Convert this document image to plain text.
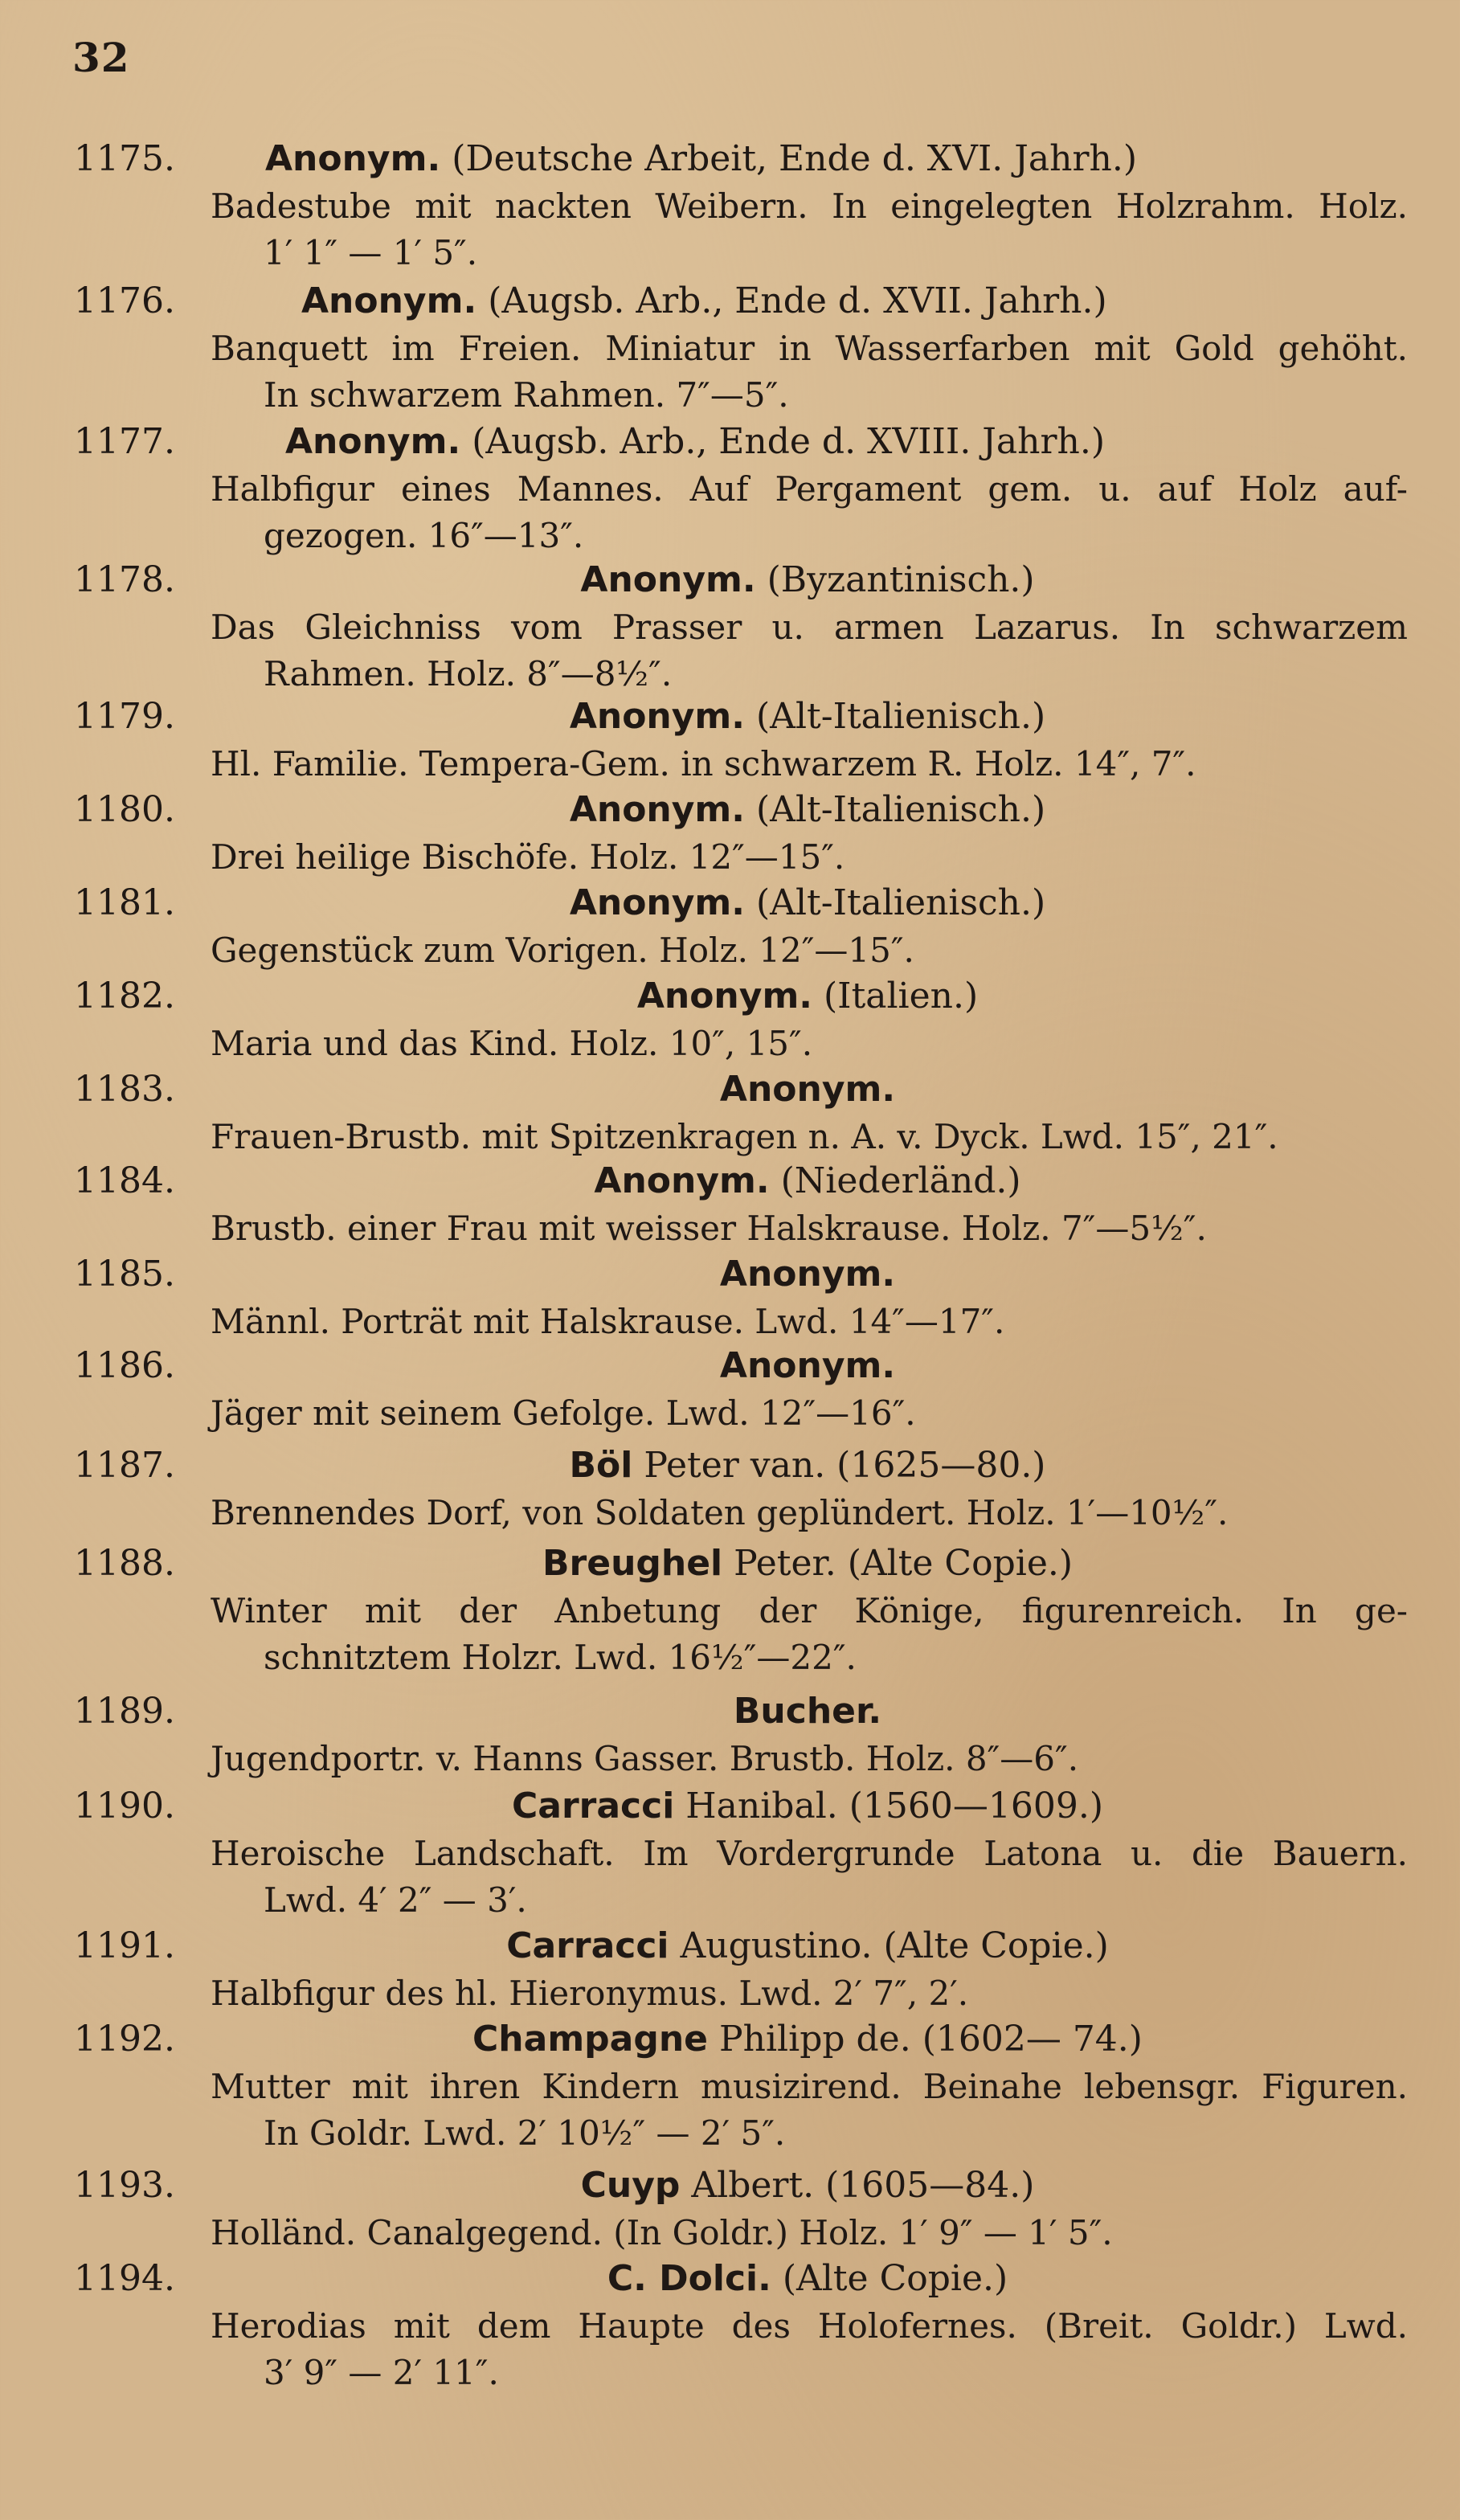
32
1175.	Anonym. (Deutsche Arbeit, Ende d. XVI. Jahrh.)
Badestube mit nackten Weibern. In eingelegten Holzrahm. Holz.
1′ 1″ — 1′ 5″.
1176.	Anonym. (Augsb. Arb., Ende d. XVII. Jahrh.)
Banquett im Freien. Miniatur in Wasserfarben mit Gold gehöht.
In schwarzem Rahmen. 7″—5″.
1177.	Anonym. (Augsb. Arb., Ende d. XVIII. Jahrh.)
Halbfigur eines Mannes. Auf Pergament gem. u. auf Holz auf-
gezogen. 16″—13″.
1178.	Anonym. (Byzantinisch.)
Das Gleichniss vom Prasser u. armen Lazarus. In schwarzem
Rahmen. Holz. 8″—8½″.
1179.	Anonym. (Alt-Italienisch.)
Hl. Familie. Tempera-Gem. in schwarzem R. Holz. 14″, 7″.
1180.	Anonym. (Alt-Italienisch.)
Drei heilige Bischöfe. Holz. 12″—15″.
1181.	Anonym. (Alt-Italienisch.)
Gegenstück zum Vorigen. Holz. 12″—15″.
1182.	Anonym. (Italien.)
Maria und das Kind. Holz. 10″, 15″.
1183.	Anonym.
Frauen-Brustb. mit Spitzenkragen n. A. v. Dyck. Lwd. 15″, 21″.
1184.	Anonym. (Niederländ.)
Brustb. einer Frau mit weisser Halskrause. Holz. 7″—5½″.
1185.	Anonym.
Männl. Porträt mit Halskrause. Lwd. 14″—17″.
1186.	Anonym.
Jäger mit seinem Gefolge. Lwd. 12″—16″.
1187.	Böl Peter van. (1625—80.)
Brennendes Dorf, von Soldaten geplündert. Holz. 1′—10½″.
1188.	Breughel Peter. (Alte Copie.)
Winter mit der Anbetung der Könige, figurenreich. In ge-
schnitztem Holzr. Lwd. 16½″—22″.
1189.	Bucher.
Jugendportr. v. Hanns Gasser. Brustb. Holz. 8″—6″.
1190.	Carracci Hanibal. (1560—1609.)
Heroische Landschaft. Im Vordergrunde Latona u. die Bauern.
Lwd. 4′ 2″ — 3′.
1191.	Carracci Augustino. (Alte Copie.)
Halbfigur des hl. Hieronymus. Lwd. 2′ 7″, 2′.
1192.	Champagne Philipp de. (1602— 74.)
Mutter mit ihren Kindern musizirend. Beinahe lebensgr. Figuren.
In Goldr. Lwd. 2′ 10½″ — 2′ 5″.
1193.	Cuyp Albert. (1605—84.)
Holländ. Canalgegend. (In Goldr.) Holz. 1′ 9″ — 1′ 5″.
1194.	C. Dolci. (Alte Copie.)
Herodias mit dem Haupte des Holofernes. (Breit. Goldr.) Lwd.
3′ 9″ — 2′ 11″.
